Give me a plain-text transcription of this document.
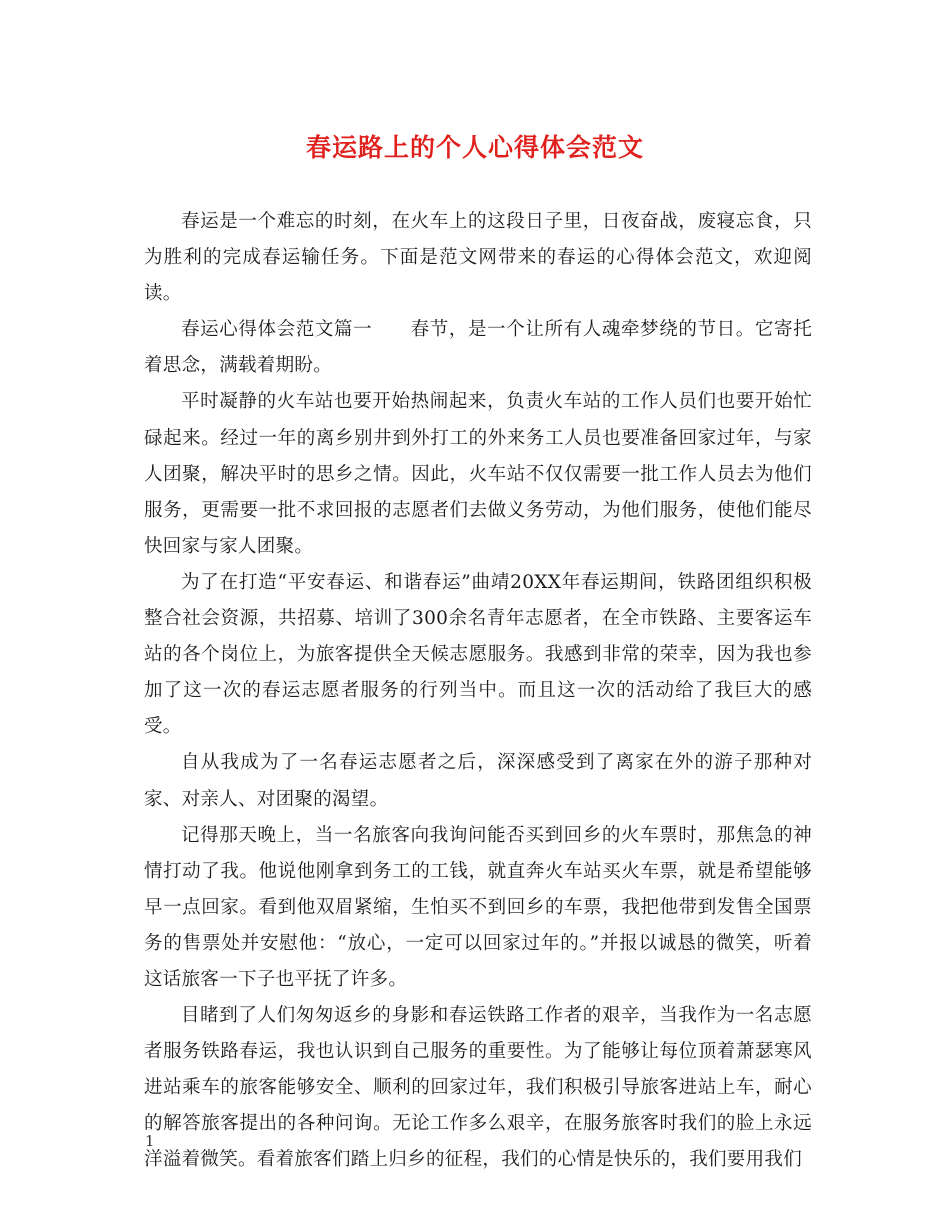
春运路上的个人心得体会范文

春运是一个难忘的时刻，在火车上的这段日子里，日夜奋战，废寝忘食，只为胜利的完成春运输任务。下面是范文网带来的春运的心得体会范文，欢迎阅读。

春运心得体会范文篇一 春节，是一个让所有人魂牵梦绕的节日。它寄托着思念，满载着期盼。

平时凝静的火车站也要开始热闹起来，负责火车站的工作人员们也要开始忙碌起来。经过一年的离乡别井到外打工的外来务工人员也要准备回家过年，与家人团聚，解决平时的思乡之情。因此，火车站不仅仅需要一批工作人员去为他们服务，更需要一批不求回报的志愿者们去做义务劳动，为他们服务，使他们能尽快回家与家人团聚。

为了在打造“平安春运、和谐春运”曲靖20XX年春运期间，铁路团组织积极整合社会资源，共招募、培训了300余名青年志愿者，在全市铁路、主要客运车站的各个岗位上，为旅客提供全天候志愿服务。我感到非常的荣幸，因为我也参加了这一次的春运志愿者服务的行列当中。而且这一次的活动给了我巨大的感受。

自从我成为了一名春运志愿者之后，深深感受到了离家在外的游子那种对家、对亲人、对团聚的渴望。

记得那天晚上，当一名旅客向我询问能否买到回乡的火车票时，那焦急的神情打动了我。他说他刚拿到务工的工钱，就直奔火车站买火车票，就是希望能够早一点回家。看到他双眉紧缩，生怕买不到回乡的车票，我把他带到发售全国票务的售票处并安慰他：“放心，一定可以回家过年的。”并报以诚恳的微笑，听着这话旅客一下子也平抚了许多。

目睹到了人们匆匆返乡的身影和春运铁路工作者的艰辛，当我作为一名志愿者服务铁路春运，我也认识到自己服务的重要性。为了能够让每位顶着萧瑟寒风进站乘车的旅客能够安全、顺利的回家过年，我们积极引导旅客进站上车，耐心的解答旅客提出的各种问询。无论工作多么艰辛，在服务旅客时我们的脸上永远洋溢着微笑。看着旅客们踏上归乡的征程，我们的心情是快乐的，我们要用我们

1
